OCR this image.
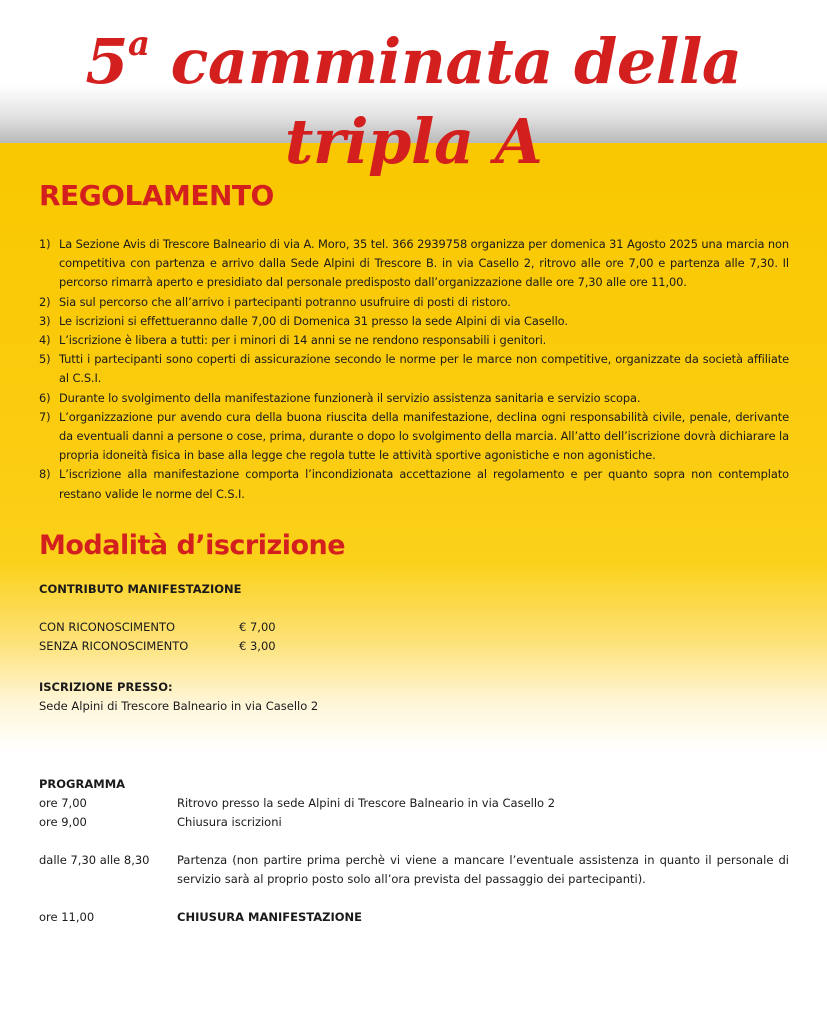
5$^a$ camminata della tripla A
REGOLAMENTO
1) La Sezione Avis di Trescore Balneario di via A. Moro, 35 tel. 366 2939758 organizza per domenica 31 Agosto 2025 una marcia non competitiva con partenza e arrivo dalla Sede Alpini di Trescore B. in via Casello 2, ritrovo alle ore 7,00 e partenza alle 7,30. Il percorso rimarrà aperto e presidiato dal personale predisposto dall’organizzazione dalle ore 7,30 alle ore 11,00.
2) Sia sul percorso che all’arrivo i partecipanti potranno usufruire di posti di ristoro.
3) Le iscrizioni si effettueranno dalle 7,00 di Domenica 31 presso la sede Alpini di via Casello.
4) L’iscrizione è libera a tutti: per i minori di 14 anni se ne rendono responsabili i genitori.
5) Tutti i partecipanti sono coperti di assicurazione secondo le norme per le marce non competitive, organizzate da società affiliate al C.S.I.
6) Durante lo svolgimento della manifestazione funzionerà il servizio assistenza sanitaria e servizio scopa.
7) L’organizzazione pur avendo cura della buona riuscita della manifestazione, declina ogni responsabilità civile, penale, derivante da eventuali danni a persone o cose, prima, durante o dopo lo svolgimento della marcia. All’atto dell’iscrizione dovrà dichiarare la propria idoneità fisica in base alla legge che regola tutte le attività sportive agonistiche e non agonistiche.
8) L’iscrizione alla manifestazione comporta l’incondizionata accettazione al regolamento e per quanto sopra non contemplato restano valide le norme del C.S.I.
Modalità d’iscrizione
CONTRIBUTO MANIFESTAZIONE
CON RICONOSCIMENTO	€ 7,00
SENZA RICONOSCIMENTO	€ 3,00
ISCRIZIONE PRESSO:
Sede Alpini di Trescore Balneario in via Casello 2
PROGRAMMA
ore 7,00	Ritrovo presso la sede Alpini di Trescore Balneario in via Casello 2
ore 9,00	Chiusura iscrizioni
dalle 7,30 alle 8,30	Partenza (non partire prima perchè vi viene a mancare l’eventuale assistenza in quanto il personale di servizio sarà al proprio posto solo all’ora prevista del passaggio dei partecipanti).
ore 11,00	CHIUSURA MANIFESTAZIONE
